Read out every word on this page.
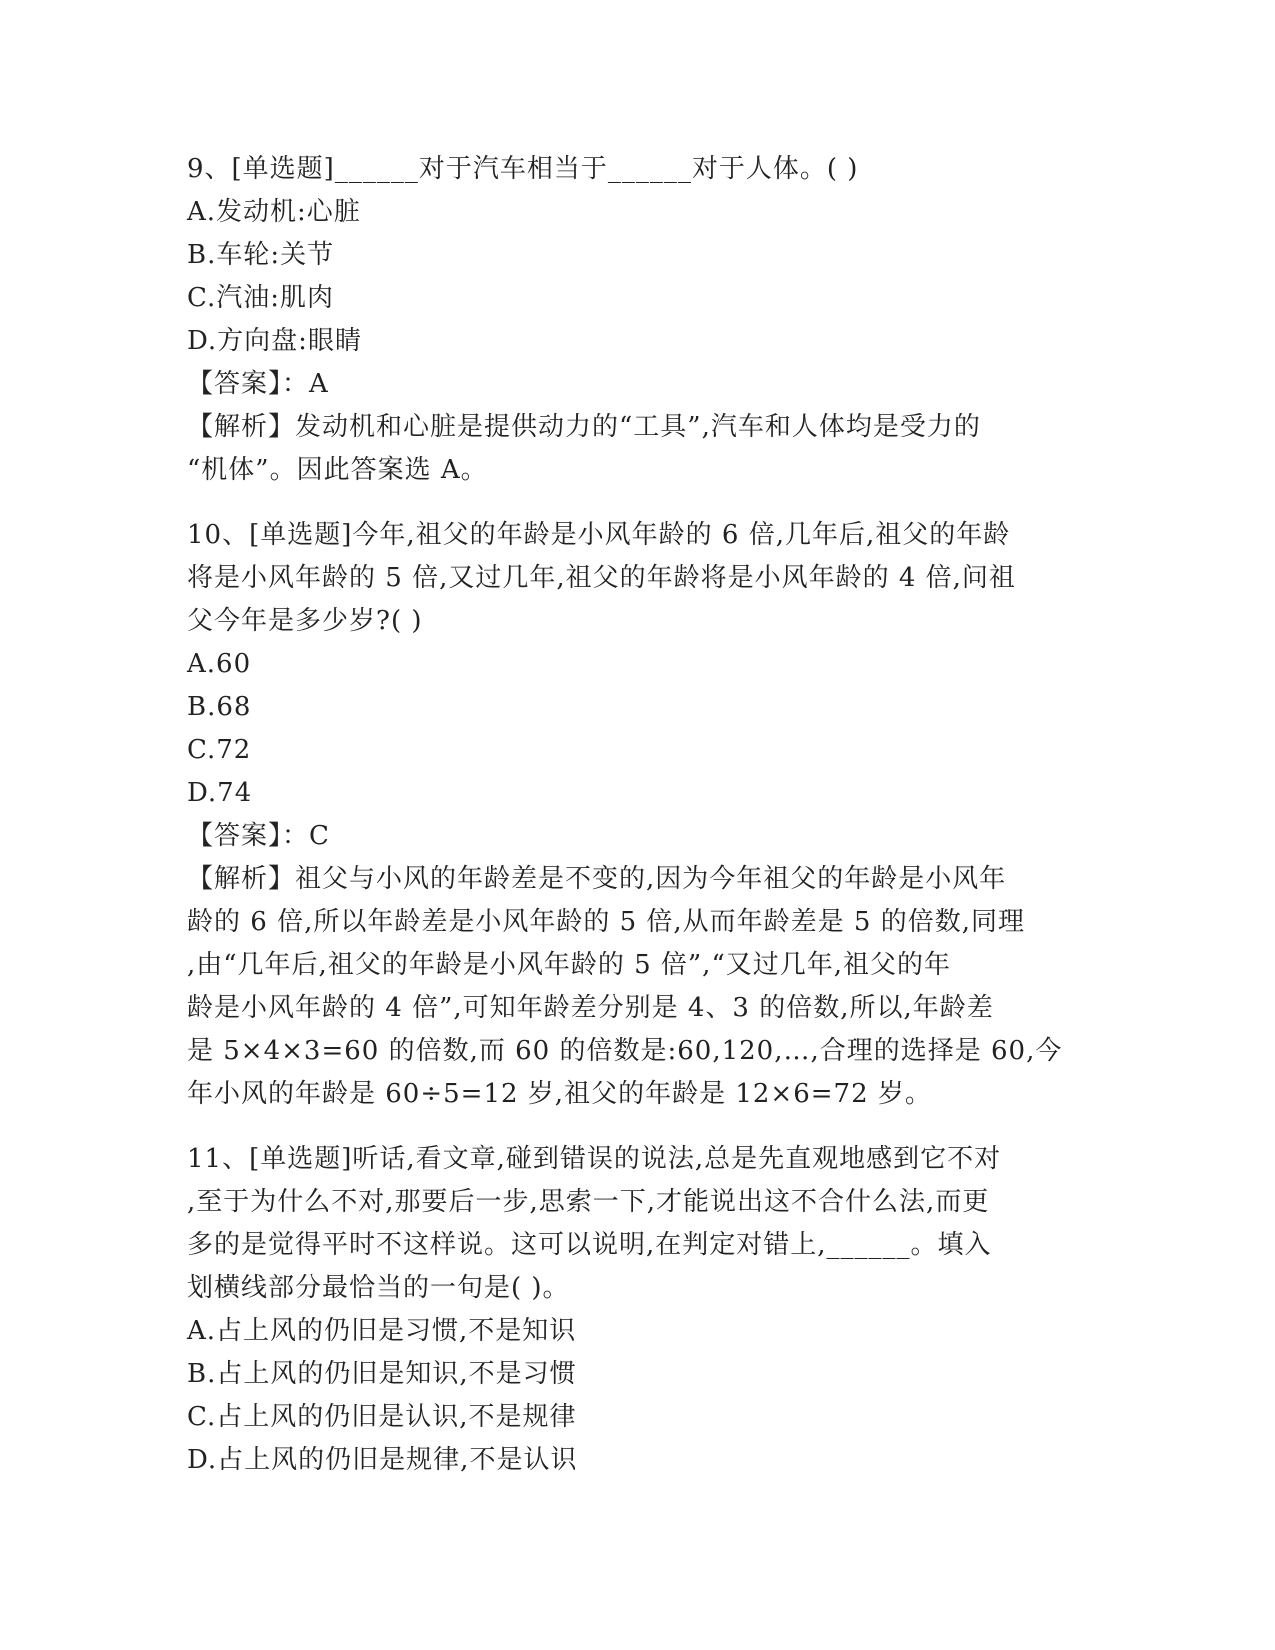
9、[单选题]______对于汽车相当于______对于人体。( )
A.发动机:心脏
B.车轮:关节
C.汽油:肌肉
D.方向盘:眼睛
【答案】：A
【解析】发动机和心脏是提供动力的“工具”,汽车和人体均是受力的
“机体”。因此答案选 A。
10、[单选题]今年,祖父的年龄是小风年龄的 6 倍,几年后,祖父的年龄
将是小风年龄的 5 倍,又过几年,祖父的年龄将是小风年龄的 4 倍,问祖
父今年是多少岁?( )
A.60
B.68
C.72
D.74
【答案】：C
【解析】祖父与小风的年龄差是不变的,因为今年祖父的年龄是小风年
龄的 6 倍,所以年龄差是小风年龄的 5 倍,从而年龄差是 5 的倍数,同理
,由“几年后,祖父的年龄是小风年龄的 5 倍”,“又过几年,祖父的年
龄是小风年龄的 4 倍”,可知年龄差分别是 4、3 的倍数,所以,年龄差
是 5×4×3=60 的倍数,而 60 的倍数是:60,120,…,合理的选择是 60,今
年小风的年龄是 60÷5=12 岁,祖父的年龄是 12×6=72 岁。
11、[单选题]听话,看文章,碰到错误的说法,总是先直观地感到它不对
,至于为什么不对,那要后一步,思索一下,才能说出这不合什么法,而更
多的是觉得平时不这样说。这可以说明,在判定对错上,______。填入
划横线部分最恰当的一句是( )。
A.占上风的仍旧是习惯,不是知识
B.占上风的仍旧是知识,不是习惯
C.占上风的仍旧是认识,不是规律
D.占上风的仍旧是规律,不是认识
